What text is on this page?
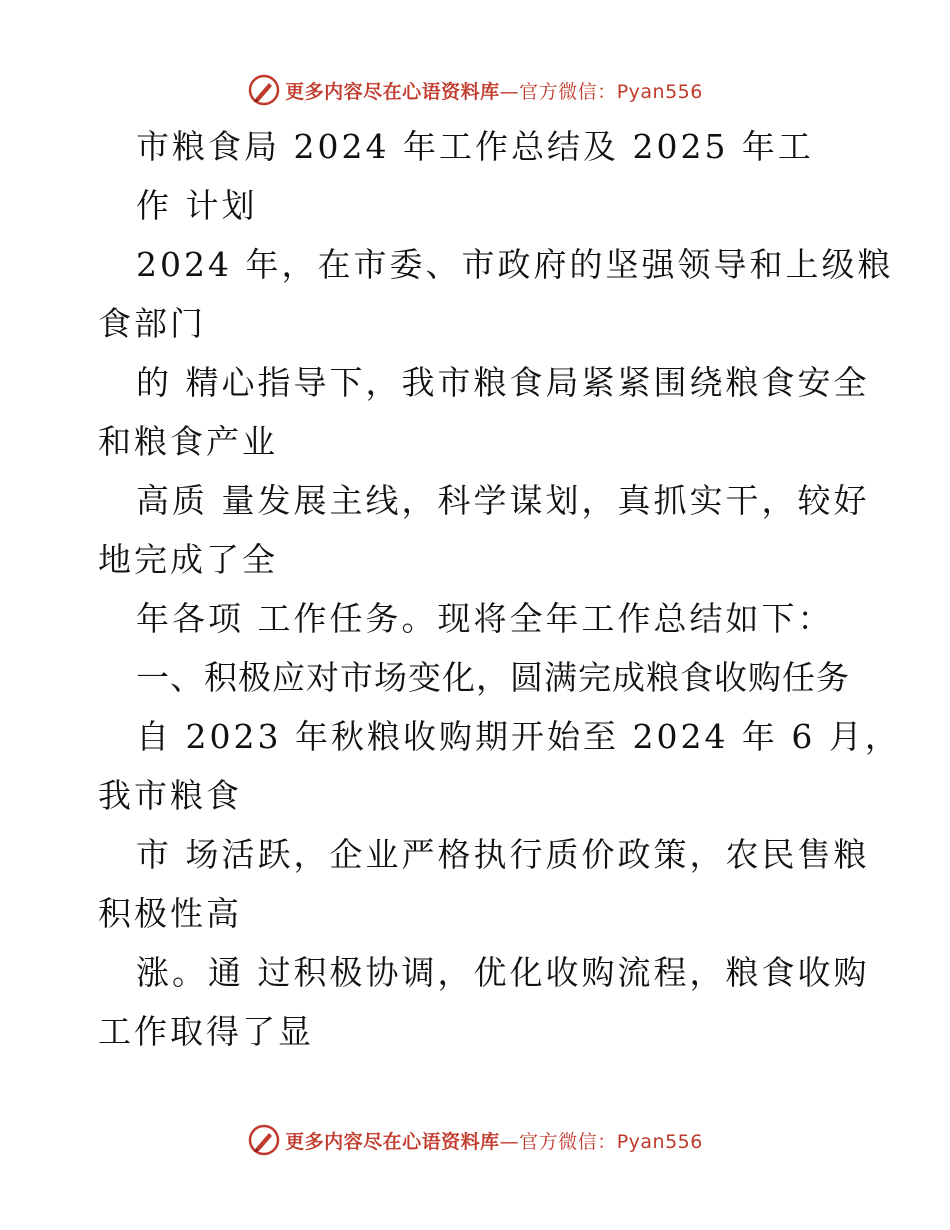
更多内容尽在心语资料库—官方微信：Pyan556
市粮食局 2024 年工作总结及 2025 年工
作 计划
2024 年，在市委、市政府的坚强领导和上级粮
食部门
的 精心指导下，我市粮食局紧紧围绕粮食安全
和粮食产业
高质 量发展主线，科学谋划，真抓实干，较好
地完成了全
年各项 工作任务。现将全年工作总结如下：
一、积极应对市场变化，圆满完成粮食收购任务
自 2023 年秋粮收购期开始至 2024 年 6 月，
我市粮食
市 场活跃，企业严格执行质价政策，农民售粮
积极性高
涨。通 过积极协调，优化收购流程，粮食收购
工作取得了显
更多内容尽在心语资料库—官方微信：Pyan556
